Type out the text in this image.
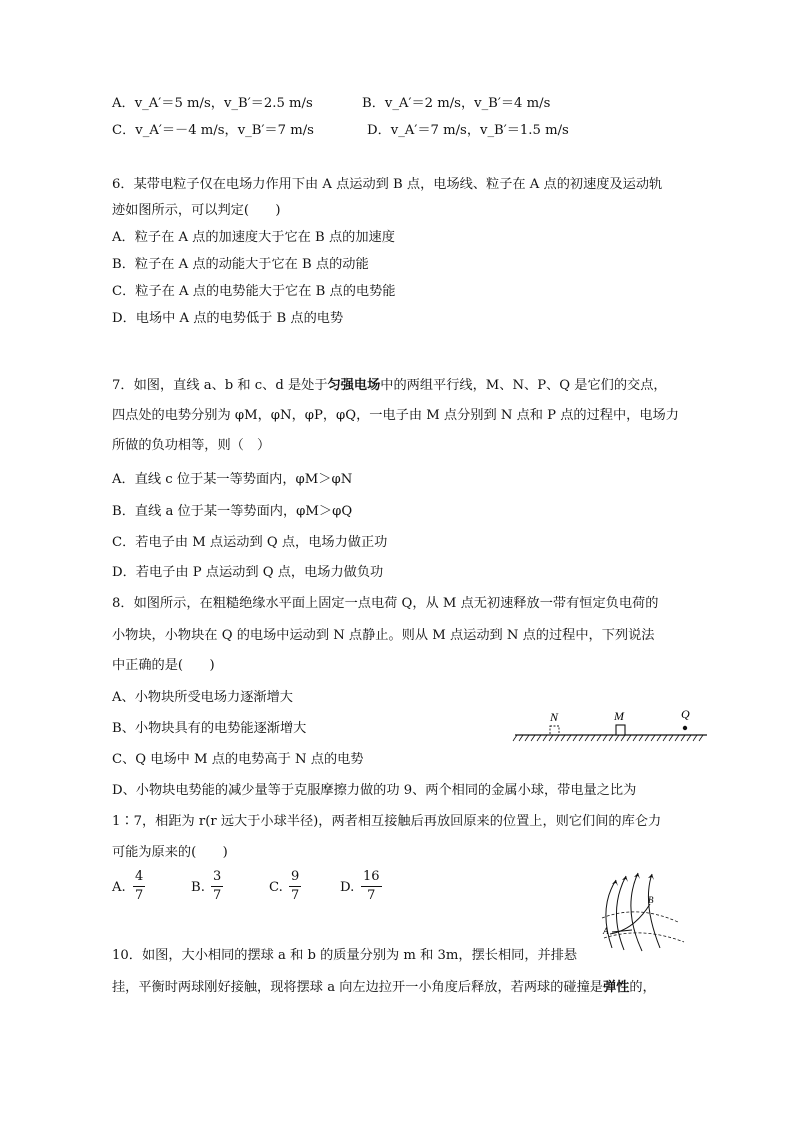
A．v_A′＝5 m/s，v_B′＝2.5 m/s	B．v_A′＝2 m/s，v_B′＝4 m/s
C．v_A′＝－4 m/s，v_B′＝7 m/s	D．v_A′＝7 m/s，v_B′＝1.5 m/s
6．某带电粒子仅在电场力作用下由 A 点运动到 B 点，电场线、粒子在 A 点的初速度及运动轨
迹如图所示，可以判定(　　)
A．粒子在 A 点的加速度大于它在 B 点的加速度
B．粒子在 A 点的动能大于它在 B 点的动能
C．粒子在 A 点的电势能大于它在 B 点的电势能
D．电场中 A 点的电势低于 B 点的电势
7．如图，直线 a、b 和 c、d 是处于匀强电场中的两组平行线，M、N、P、Q 是它们的交点，
四点处的电势分别为 φM，φN，φP，φQ，一电子由 M 点分别到 N 点和 P 点的过程中，电场力
所做的负功相等，则（　）
A．直线 c 位于某一等势面内，φM＞φN
B．直线 a 位于某一等势面内，φM＞φQ
C．若电子由 M 点运动到 Q 点，电场力做正功
D．若电子由 P 点运动到 Q 点，电场力做负功
8．如图所示，在粗糙绝缘水平面上固定一点电荷 Q，从 M 点无初速释放一带有恒定负电荷的
小物块，小物块在 Q 的电场中运动到 N 点静止。则从 M 点运动到 N 点的过程中，下列说法
中正确的是(　　)
A、小物块所受电场力逐渐增大
B、小物块具有的电势能逐渐增大
C、Q 电场中 M 点的电势高于 N 点的电势
D、小物块电势能的减少量等于克服摩擦力做的功 9、两个相同的金属小球，带电量之比为
N	M	Q
1∶7，相距为 r(r 远大于小球半径)，两者相互接触后再放回原来的位置上，则它们间的库仑力
可能为原来的(　　)
A. $\frac{4}{7}$	B. $\frac{3}{7}$	C. $\frac{9}{7}$	D. $\frac{16}{7}$
A
B
10．如图，大小相同的摆球 a 和 b 的质量分别为 m 和 3m，摆长相同，并排悬
挂，平衡时两球刚好接触，现将摆球 a 向左边拉开一小角度后释放，若两球的碰撞是弹性的，
